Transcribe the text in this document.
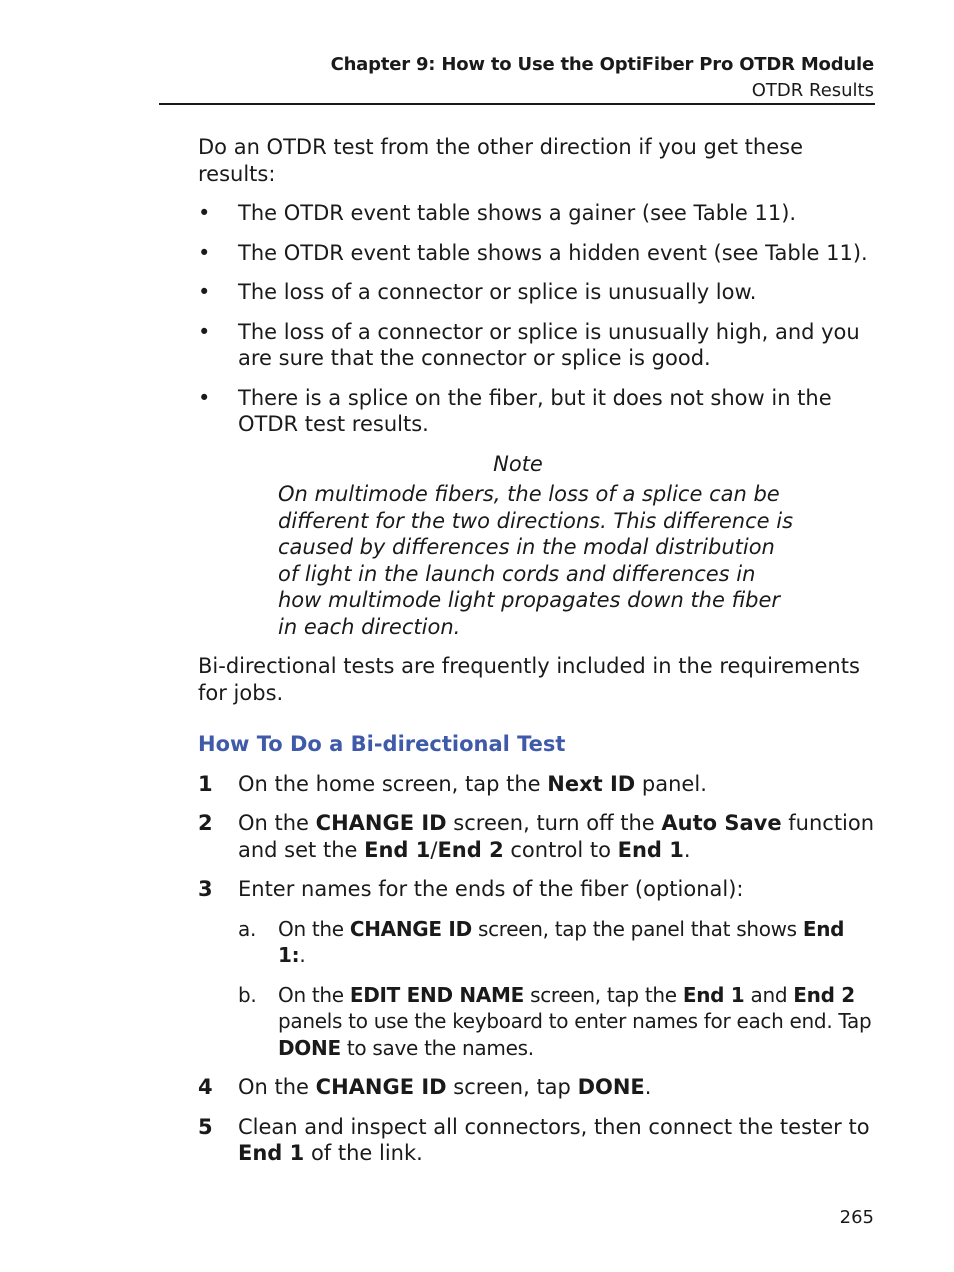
Chapter 9: How to Use the OptiFiber Pro OTDR Module
OTDR Results

Do an OTDR test from the other direction if you get these results:

• The OTDR event table shows a gainer (see Table 11).
• The OTDR event table shows a hidden event (see Table 11).
• The loss of a connector or splice is unusually low.
• The loss of a connector or splice is unusually high, and you are sure that the connector or splice is good.
• There is a splice on the fiber, but it does not show in the OTDR test results.
Note
On multimode fibers, the loss of a splice can be different for the two directions. This difference is caused by differences in the modal distribution of light in the launch cords and differences in how multimode light propagates down the fiber in each direction.

Bi-directional tests are frequently included in the requirements for jobs.

How To Do a Bi-directional Test
1 On the home screen, tap the Next ID panel.
2 On the CHANGE ID screen, turn off the Auto Save function and set the End 1/End 2 control to End 1.
3 Enter names for the ends of the fiber (optional):
a. On the CHANGE ID screen, tap the panel that shows End 1:.
b. On the EDIT END NAME screen, tap the End 1 and End 2 panels to use the keyboard to enter names for each end. Tap DONE to save the names.
4 On the CHANGE ID screen, tap DONE.
5 Clean and inspect all connectors, then connect the tester to End 1 of the link.
265
